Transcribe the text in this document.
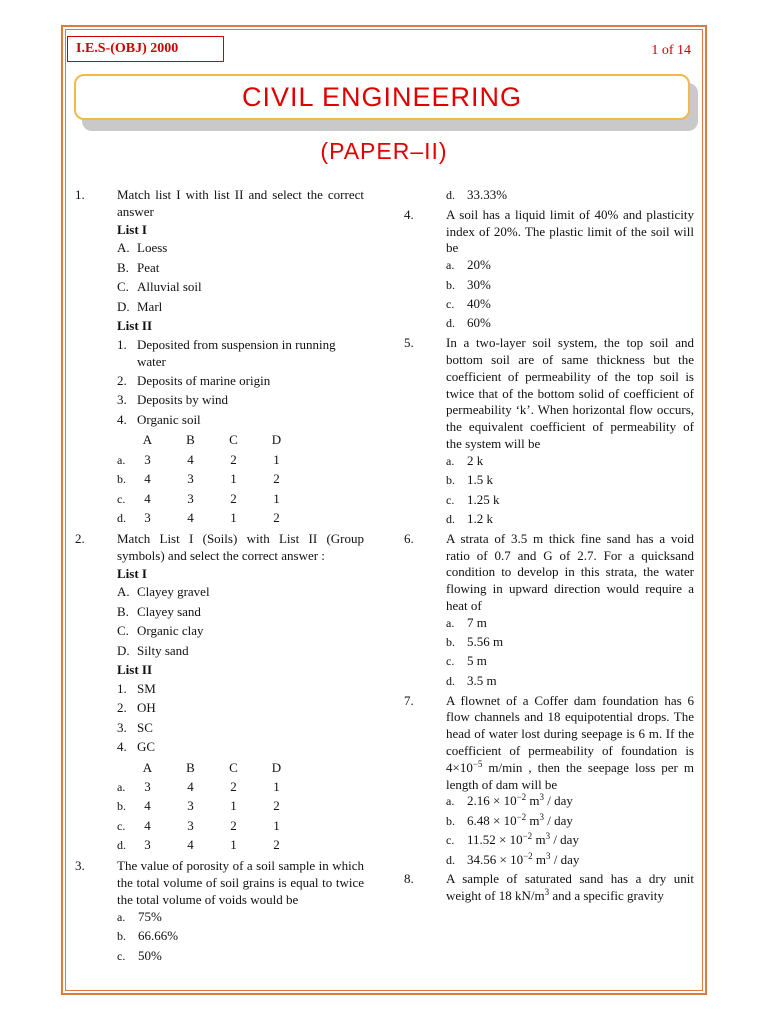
I.E.S-(OBJ) 2000	1 of 14
CIVIL ENGINEERING
(PAPER–II)
1. Match list I with list II and select the correct answer
List I
A. Loess
B. Peat
C. Alluvial soil
D. Marl
List II
1. Deposited from suspension in running water
2. Deposits of marine origin
3. Deposits by wind
4. Organic soil
	A	B	C	D
a.	3	4	2	1
b.	4	3	1	2
c.	4	3	2	1
d.	3	4	1	2
2. Match List I (Soils) with List II (Group symbols) and select the correct answer :
List I
A. Clayey gravel
B. Clayey sand
C. Organic clay
D. Silty sand
List II
1. SM
2. OH
3. SC
4. GC
	A	B	C	D
a.	3	4	2	1
b.	4	3	1	2
c.	4	3	2	1
d.	3	4	1	2
3. The value of porosity of a soil sample in which the total volume of soil grains is equal to twice the total volume of voids would be
a. 75%
b. 66.66%
c. 50%
d. 33.33%
4. A soil has a liquid limit of 40% and plasticity index of 20%. The plastic limit of the soil will be
a. 20%
b. 30%
c. 40%
d. 60%
5. In a two-layer soil system, the top soil and bottom soil are of same thickness but the coefficient of permeability of the top soil is twice that of the bottom solid of coefficient of permeability ‘k’. When horizontal flow occurs, the equivalent coefficient of permeability of the system will be
a. 2 k
b. 1.5 k
c. 1.25 k
d. 1.2 k
6. A strata of 3.5 m thick fine sand has a void ratio of 0.7 and G of 2.7. For a quicksand condition to develop in this strata, the water flowing in upward direction would require a heat of
a. 7 m
b. 5.56 m
c. 5 m
d. 3.5 m
7. A flownet of a Coffer dam foundation has 6 flow channels and 18 equipotential drops. The head of water lost during seepage is 6 m. If the coefficient of permeability of foundation is $4\times 10^{-5}$ m/min , then the seepage loss per m length of dam will be
a. $2.16 \times 10^{-2}$ $m^3$ / day
b. $6.48 \times 10^{-2}$ $m^3$ / day
c. $11.52 \times 10^{-2}$ $m^3$ / day
d. $34.56 \times 10^{-2}$ $m^3$ / day
8. A sample of saturated sand has a dry unit weight of 18 $kN/m^3$ and a specific gravity
